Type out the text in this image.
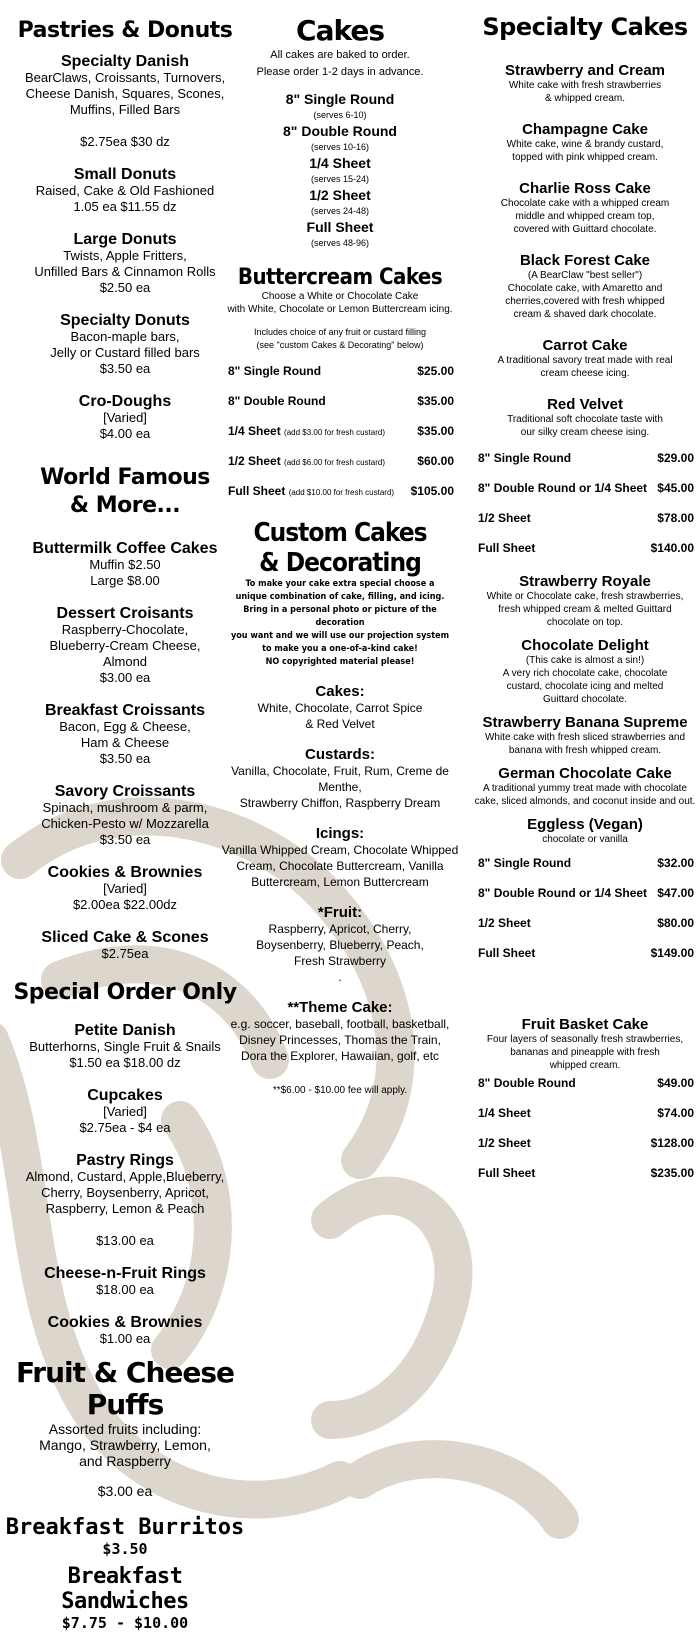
Pastries & Donuts
Specialty Danish
BearClaws, Croissants, Turnovers,
Cheese Danish, Squares, Scones,
Muffins, Filled Bars
$2.75ea $30 dz
Small Donuts
Raised, Cake & Old Fashioned
1.05 ea $11.55 dz
Large Donuts
Twists, Apple Fritters,
Unfilled Bars & Cinnamon Rolls
$2.50 ea
Specialty Donuts
Bacon-maple bars,
Jelly or Custard filled bars
$3.50 ea
Cro-Doughs
[Varied]
$4.00 ea
World Famous
& More...
Buttermilk Coffee Cakes
Muffin $2.50
Large $8.00
Dessert Croisants
Raspberry-Chocolate,
Blueberry-Cream Cheese,
Almond
$3.00 ea
Breakfast Croissants
Bacon, Egg & Cheese,
Ham & Cheese
$3.50 ea
Savory Croissants
Spinach, mushroom & parm,
Chicken-Pesto w/ Mozzarella
$3.50 ea
Cookies & Brownies
[Varied]
$2.00ea $22.00dz
Sliced Cake & Scones
$2.75ea
Special Order Only
Petite Danish
Butterhorns, Single Fruit & Snails
$1.50 ea $18.00 dz
Cupcakes
[Varied]
$2.75ea - $4 ea
Pastry Rings
Almond, Custard, Apple,Blueberry,
Cherry, Boysenberry, Apricot,
Raspberry, Lemon & Peach
$13.00 ea
Cheese-n-Fruit Rings
$18.00 ea
Cookies & Brownies
$1.00 ea
Fruit & Cheese
Puffs
Assorted fruits including:
Mango, Strawberry, Lemon,
and Raspberry
$3.00 ea
Breakfast Burritos
$3.50
Breakfast Sandwiches
$7.75 - $10.00
Cakes
All cakes are baked to order.
Please order 1-2 days in advance.
8" Single Round
(serves 6-10)
8" Double Round
(serves 10-16)
1/4 Sheet
(serves 15-24)
1/2 Sheet
(serves 24-48)
Full Sheet
(serves 48-96)
Buttercream Cakes
Choose a White or Chocolate Cake
with White, Chocolate or Lemon Buttercream icing.
Includes choice of any fruit or custard filling
(see "custom Cakes & Decorating" below)
8" Single Round	$25.00
8" Double Round	$35.00
1/4 Sheet (add $3.00 for fresh custard)	$35.00
1/2 Sheet (add $6.00 for fresh custard)	$60.00
Full Sheet (add $10.00 for fresh custard) $105.00
Custom Cakes
& Decorating
To make your cake extra special choose a
unique combination of cake, filling, and icing.
Bring in a personal photo or picture of the decoration
you want and we will use our projection system
to make you a one-of-a-kind cake!
NO copyrighted material please!
Cakes:
White, Chocolate, Carrot Spice
& Red Velvet
Custards:
Vanilla, Chocolate, Fruit, Rum, Creme de Menthe,
Strawberry Chiffon, Raspberry Dream
Icings:
Vanilla Whipped Cream, Chocolate Whipped
Cream, Chocolate Buttercream, Vanilla
Buttercream, Lemon Buttercream
*Fruit:
Raspberry, Apricot, Cherry,
Boysenberry, Blueberry, Peach,
Fresh Strawberry
.
**Theme Cake:
e.g. soccer, baseball, football, basketball,
Disney Princesses, Thomas the Train,
Dora the Explorer, Hawaiian, golf, etc
**$6.00 - $10.00 fee will apply.
Specialty Cakes
Strawberry and Cream
White cake with fresh strawberries
& whipped cream.
Champagne Cake
White cake, wine & brandy custard,
topped with pink whipped cream.
Charlie Ross Cake
Chocolate cake with a whipped cream
middle and whipped cream top,
covered with Guittard chocolate.
Black Forest Cake
(A BearClaw "best seller")
Chocolate cake, with Amaretto and
cherries,covered with fresh whipped
cream & shaved dark chocolate.
Carrot Cake
A traditional savory treat made with real
cream cheese icing.
Red Velvet
Traditional soft chocolate taste with
our silky cream cheese ising.
8" Single Round	$29.00
8" Double Round or 1/4 Sheet $45.00
1/2 Sheet	$78.00
Full Sheet	$140.00
Strawberry Royale
White or Chocolate cake, fresh strawberries,
fresh whipped cream & melted Guittard
chocolate on top.
Chocolate Delight
(This cake is almost a sin!)
A very rich chocolate cake, chocolate
custard, chocolate icing and melted
Guittard chocolate.
Strawberry Banana Supreme
White cake with fresh sliced strawberries and
banana with fresh whipped cream.
German Chocolate Cake
A traditional yummy treat made with chocolate
cake, sliced almonds, and coconut inside and out.
Eggless (Vegan)
chocolate or vanilla
8" Single Round	$32.00
8" Double Round or 1/4 Sheet $47.00
1/2 Sheet	$80.00
Full Sheet	$149.00
Fruit Basket Cake
Four layers of seasonally fresh strawberries,
bananas and pineapple with fresh
whipped cream.
8" Double Round	$49.00
1/4 Sheet	$74.00
1/2 Sheet	$128.00
Full Sheet	$235.00
